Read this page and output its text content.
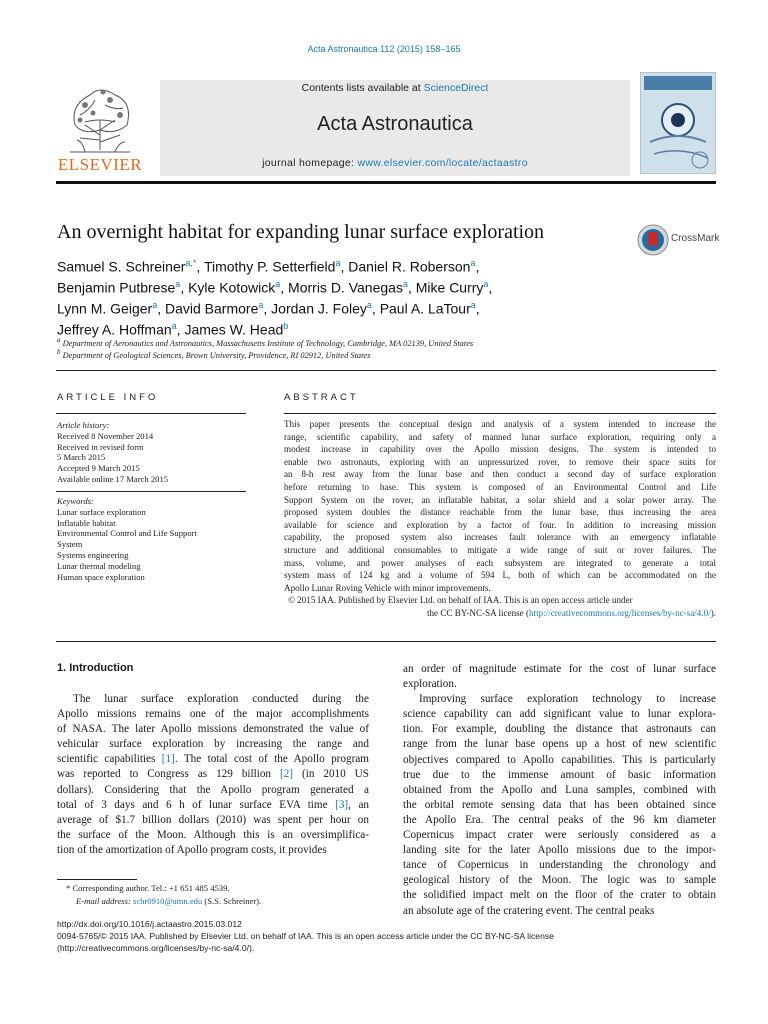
Acta Astronautica 112 (2015) 158–165
ELSEVIER
Contents lists available at ScienceDirect
Acta Astronautica
journal homepage: www.elsevier.com/locate/actaastro
An overnight habitat for expanding lunar surface exploration	CrossMark
Samuel S. Schreiner$^{a,*}$, Timothy P. Setterfield$^a$, Daniel R. Roberson$^a$,
Benjamin Putbrese$^a$, Kyle Kotowick$^a$, Morris D. Vanegas$^a$, Mike Curry$^a$,
Lynn M. Geiger$^a$, David Barmore$^a$, Jordan J. Foley$^a$, Paul A. LaTour$^a$,
Jeffrey A. Hoffman$^a$, James W. Head$^b$
$^a$ Department of Aeronautics and Astronautics, Massachusetts Institute of Technology, Cambridge, MA 02139, United States
$^b$ Department of Geological Sciences, Brown University, Providence, RI 02912, United States
ARTICLE INFO
Article history:
Received 8 November 2014
Received in revised form
5 March 2015
Accepted 9 March 2015
Available online 17 March 2015
Keywords:
Lunar surface exploration
Inflatable habitat
Environmental Control and Life Support
System
Systems engineering
Lunar thermal modeling
Human space exploration
ABSTRACT
This paper presents the conceptual design and analysis of a system intended to increase the
range, scientific capability, and safety of manned lunar surface exploration, requiring only a
modest increase in capability over the Apollo mission designs. The system is intended to
enable two astronauts, exploring with an unpressurized rover, to remove their space suits for
an 8-h rest away from the lunar base and then conduct a second day of surface exploration
before returning to base. This system is composed of an Environmental Control and Life
Support System on the rover, an inflatable habitat, a solar shield and a solar power array. The
proposed system doubles the distance reachable from the lunar base, thus increasing the area
available for science and exploration by a factor of four. In addition to increasing mission
capability, the proposed system also increases fault tolerance with an emergency inflatable
structure and additional consumables to mitigate a wide range of suit or rover failures. The
mass, volume, and power analyses of each subsystem are integrated to generate a total
system mass of 124 kg and a volume of 594 L, both of which can be accommodated on the
Apollo Lunar Roving Vehicle with minor improvements.
© 2015 IAA. Published by Elsevier Ltd. on behalf of IAA. This is an open access article under
the CC BY-NC-SA license (http://creativecommons.org/licenses/by-nc-sa/4.0/).
1. Introduction
The lunar surface exploration conducted during the
Apollo missions remains one of the major accomplishments
of NASA. The later Apollo missions demonstrated the value of
vehicular surface exploration by increasing the range and
scientific capabilities [1]. The total cost of the Apollo program
was reported to Congress as 129 billion [2] (in 2010 US
dollars). Considering that the Apollo program generated a
total of 3 days and 6 h of lunar surface EVA time [3], an
average of $1.7 billion dollars (2010) was spent per hour on
the surface of the Moon. Although this is an oversimplifica-
tion of the amortization of Apollo program costs, it provides
an order of magnitude estimate for the cost of lunar surface
exploration.
Improving surface exploration technology to increase
science capability can add significant value to lunar explora-
tion. For example, doubling the distance that astronauts can
range from the lunar base opens up a host of new scientific
objectives compared to Apollo capabilities. This is particularly
true due to the immense amount of basic information
obtained from the Apollo and Luna samples, combined with
the orbital remote sensing data that has been obtained since
the Apollo Era. The central peaks of the 96 km diameter
Copernicus impact crater were seriously considered as a
landing site for the later Apollo missions due to the impor-
tance of Copernicus in understanding the chronology and
geological history of the Moon. The logic was to sample
the solidified impact melt on the floor of the crater to obtain
an absolute age of the cratering event. The central peaks
* Corresponding author. Tel.: +1 651 485 4539.
E-mail address: schr0910@umn.edu (S.S. Schreiner).
http://dx.doi.org/10.1016/j.actaastro.2015.03.012
0094-5765/© 2015 IAA. Published by Elsevier Ltd. on behalf of IAA. This is an open access article under the CC BY-NC-SA license
(http://creativecommons.org/licenses/by-nc-sa/4.0/).
